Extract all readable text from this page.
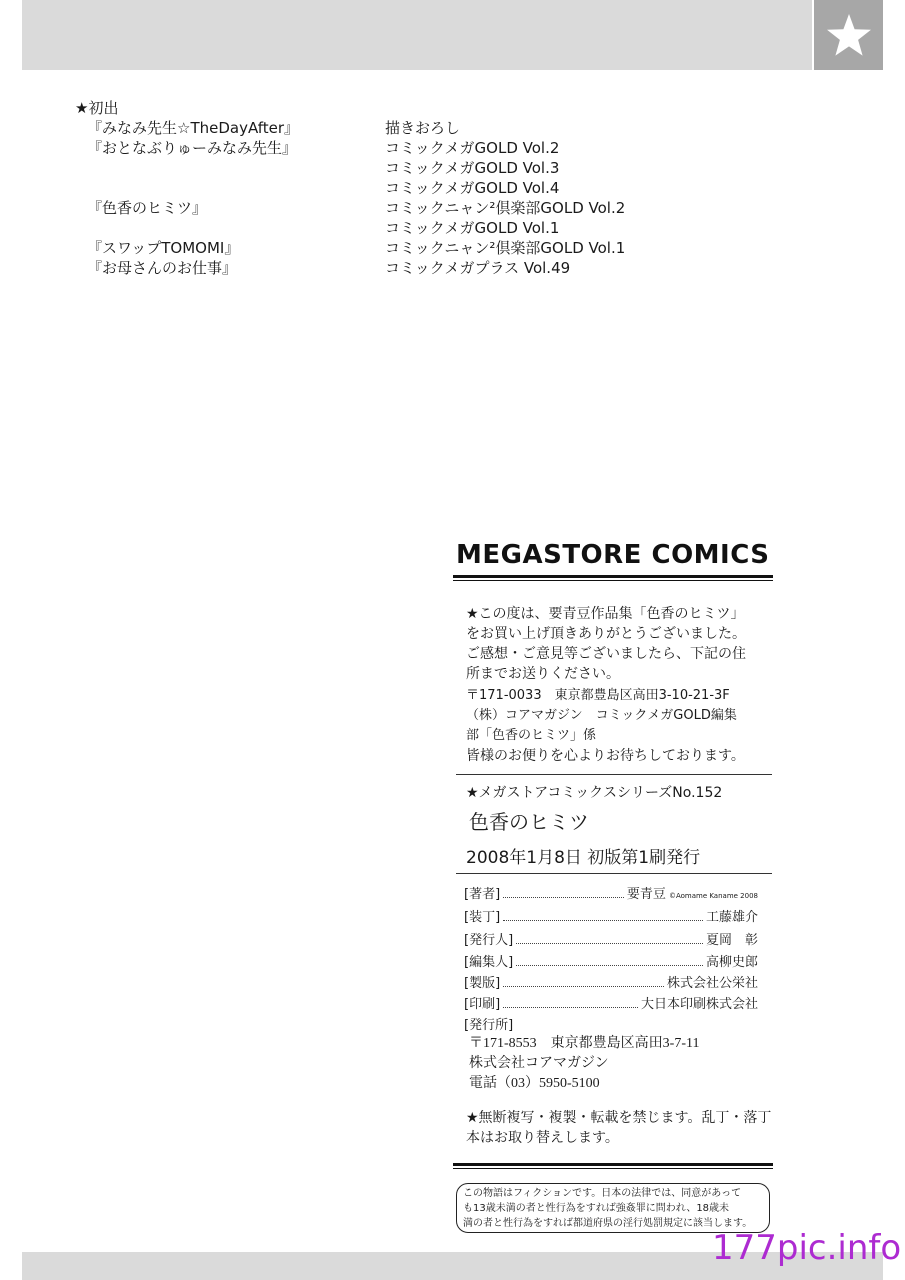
★初出
『みなみ先生☆TheDayAfter』	描きおろし
『おとなぶりゅーみなみ先生』	コミックメガGOLD Vol.2
コミックメガGOLD Vol.3
コミックメガGOLD Vol.4
『色香のヒミツ』	コミックニャン²倶楽部GOLD Vol.2
コミックメガGOLD Vol.1
『スワップTOMOMI』	コミックニャン²倶楽部GOLD Vol.1
『お母さんのお仕事』	コミックメガプラス Vol.49
MEGASTORE COMICS
★この度は、要青豆作品集「色香のヒミツ」
をお買い上げ頂きありがとうございました。
ご感想・ご意見等ございましたら、下記の住
所までお送りください。
〒171-0033　東京都豊島区高田3-10-21-3F
（株）コアマガジン　コミックメガGOLD編集
部「色香のヒミツ」係
皆様のお便りを心よりお待ちしております。
★メガストアコミックスシリーズNo.152
色香のヒミツ
2008年1月8日 初版第1刷発行
[著者]	要青豆 ©Aomame Kaname 2008
[装丁]	工藤雄介
[発行人]	夏岡　彰
[編集人]	高柳史郎
[製版]	株式会社公栄社
[印刷]	大日本印刷株式会社
[発行所]
〒171-8553　東京都豊島区高田3-7-11
株式会社コアマガジン
電話（03）5950-5100
★無断複写・複製・転載を禁じます。乱丁・落丁
本はお取り替えします。
この物語はフィクションです。日本の法律では、同意があって
も13歳未満の者と性行為をすれば強姦罪に問われ、18歳未
満の者と性行為をすれば都道府県の淫行処罰規定に該当します。
177pic.info
